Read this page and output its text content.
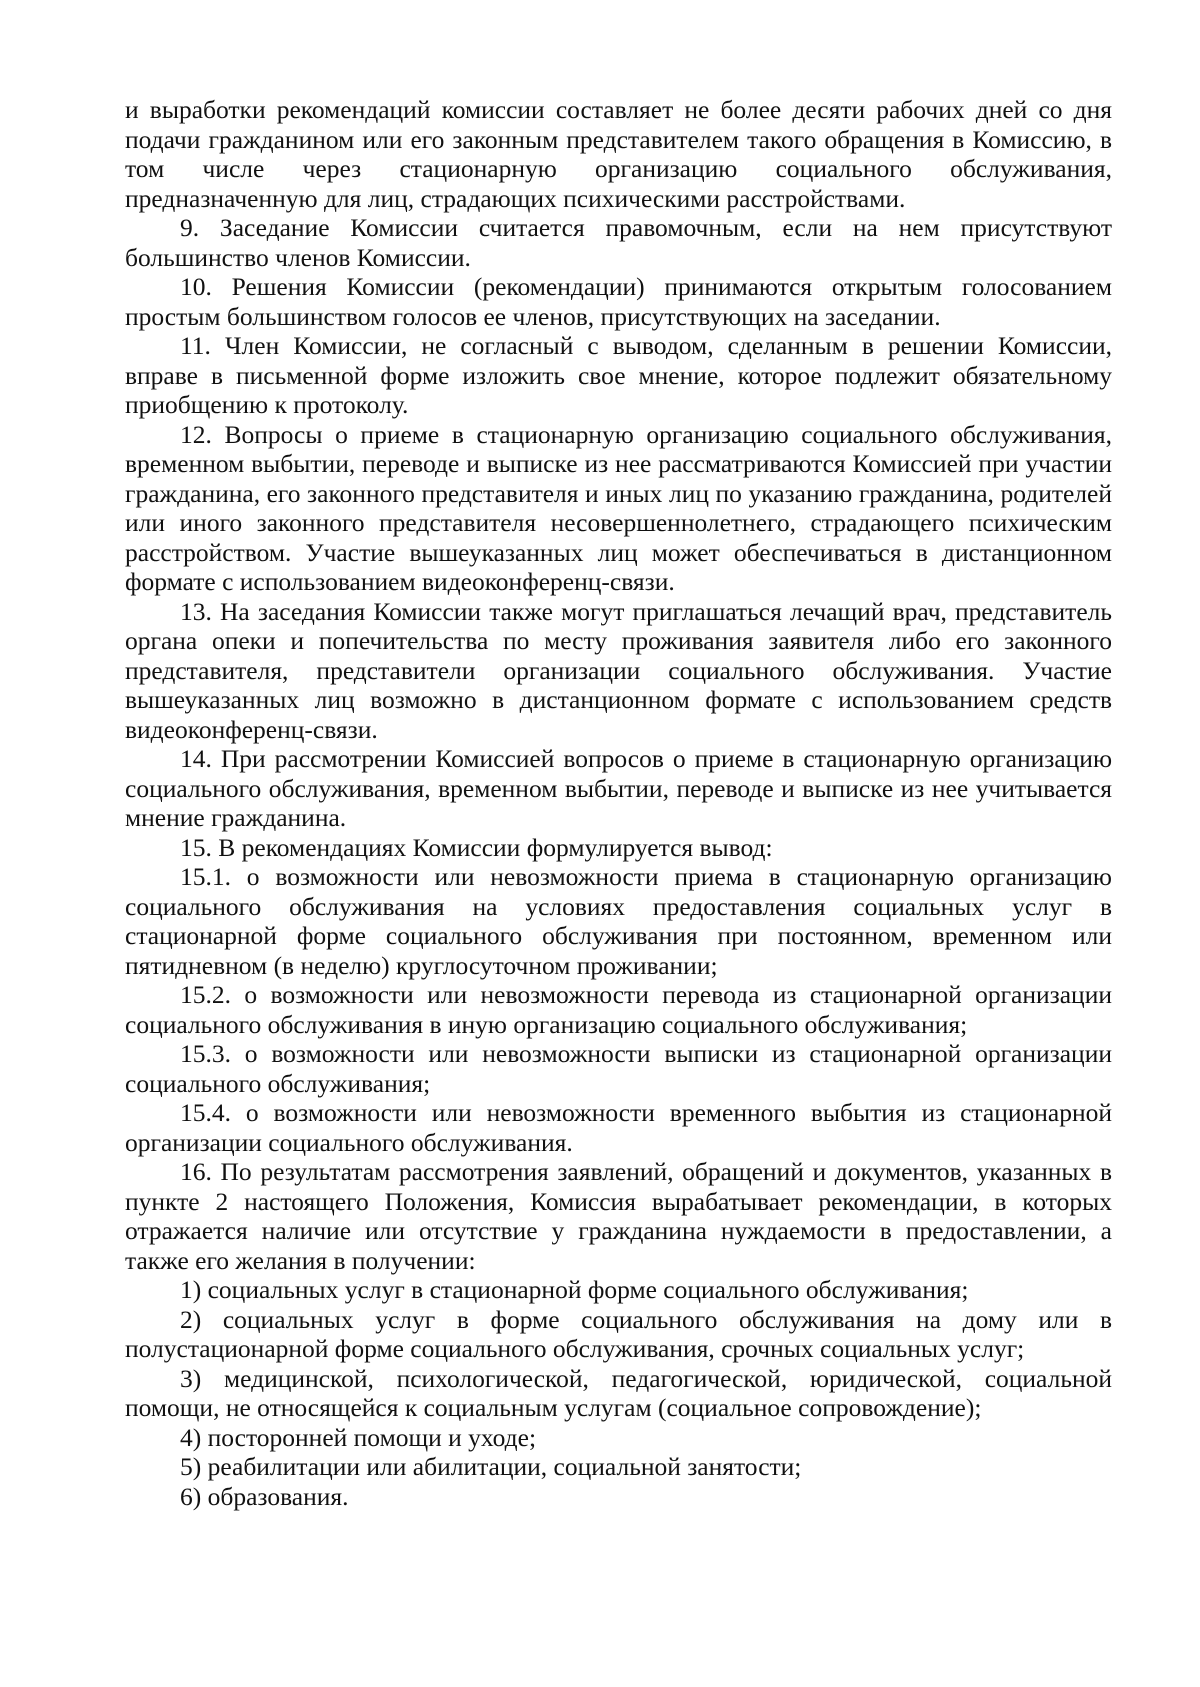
и выработки рекомендаций комиссии составляет не более десяти рабочих дней со дня подачи гражданином или его законным представителем такого обращения в Комиссию, в том числе через стационарную организацию социального обслуживания, предназначенную для лиц, страдающих психическими расстройствами.

9. Заседание Комиссии считается правомочным, если на нем присутствуют большинство членов Комиссии.

10. Решения Комиссии (рекомендации) принимаются открытым голосованием простым большинством голосов ее членов, присутствующих на заседании.

11. Член Комиссии, не согласный с выводом, сделанным в решении Комиссии, вправе в письменной форме изложить свое мнение, которое подлежит обязательному приобщению к протоколу.

12. Вопросы о приеме в стационарную организацию социального обслуживания, временном выбытии, переводе и выписке из нее рассматриваются Комиссией при участии гражданина, его законного представителя и иных лиц по указанию гражданина, родителей или иного законного представителя несовершеннолетнего, страдающего психическим расстройством. Участие вышеуказанных лиц может обеспечиваться в дистанционном формате с использованием видеоконференц-связи.

13. На заседания Комиссии также могут приглашаться лечащий врач, представитель органа опеки и попечительства по месту проживания заявителя либо его законного представителя, представители организации социального обслуживания. Участие вышеуказанных лиц возможно в дистанционном формате с использованием средств видеоконференц-связи.

14. При рассмотрении Комиссией вопросов о приеме в стационарную организацию социального обслуживания, временном выбытии, переводе и выписке из нее учитывается мнение гражданина.

15. В рекомендациях Комиссии формулируется вывод:

15.1. о возможности или невозможности приема в стационарную организацию социального обслуживания на условиях предоставления социальных услуг в стационарной форме социального обслуживания при постоянном, временном или пятидневном (в неделю) круглосуточном проживании;

15.2. о возможности или невозможности перевода из стационарной организации социального обслуживания в иную организацию социального обслуживания;

15.3. о возможности или невозможности выписки из стационарной организации социального обслуживания;

15.4. о возможности или невозможности временного выбытия из стационарной организации социального обслуживания.

16. По результатам рассмотрения заявлений, обращений и документов, указанных в пункте 2 настоящего Положения, Комиссия вырабатывает рекомендации, в которых отражается наличие или отсутствие у гражданина нуждаемости в предоставлении, а также его желания в получении:

1) социальных услуг в стационарной форме социального обслуживания;

2) социальных услуг в форме социального обслуживания на дому или в полустационарной форме социального обслуживания, срочных социальных услуг;

3) медицинской, психологической, педагогической, юридической, социальной помощи, не относящейся к социальным услугам (социальное сопровождение);

4) посторонней помощи и уходе;

5) реабилитации или абилитации, социальной занятости;

6) образования.
